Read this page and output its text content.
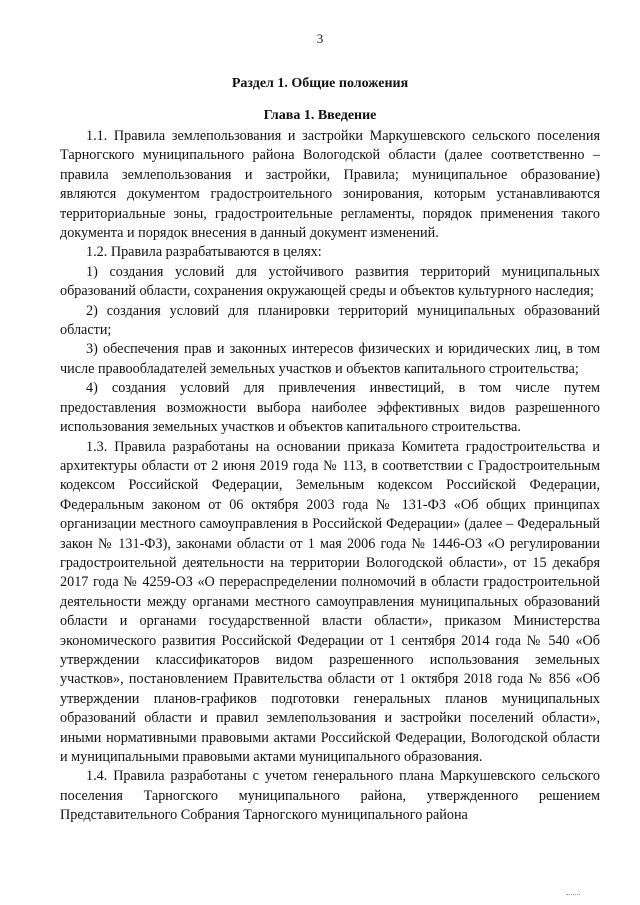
3
Раздел 1. Общие положения
Глава 1. Введение

1.1. Правила землепользования и застройки Маркушевского сельского поселения Тарногского муниципального района Вологодской области (далее соответственно – правила землепользования и застройки, Правила; муниципальное образование) являются документом градостроительного зонирования, которым устанавливаются территориальные зоны, градостроительные регламенты, порядок применения такого документа и порядок внесения в данный документ изменений.

1.2. Правила разрабатываются в целях:

1) создания условий для устойчивого развития территорий муниципальных образований области, сохранения окружающей среды и объектов культурного наследия;

2) создания условий для планировки территорий муниципальных образований области;

3) обеспечения прав и законных интересов физических и юридических лиц, в том числе правообладателей земельных участков и объектов капитального строительства;

4) создания условий для привлечения инвестиций, в том числе путем предоставления возможности выбора наиболее эффективных видов разрешенного использования земельных участков и объектов капитального строительства.

1.3. Правила разработаны на основании приказа Комитета градостроительства и архитектуры области от 2 июня 2019 года № 113, в соответствии с Градостроительным кодексом Российской Федерации, Земельным кодексом Российской Федерации, Федеральным законом от 06 октября 2003 года № 131-ФЗ «Об общих принципах организации местного самоуправления в Российской Федерации» (далее – Федеральный закон № 131-ФЗ), законами области от 1 мая 2006 года № 1446-ОЗ «О регулировании градостроительной деятельности на территории Вологодской области», от 15 декабря 2017 года № 4259-ОЗ «О перераспределении полномочий в области градостроительной деятельности между органами местного самоуправления муниципальных образований области и органами государственной власти области», приказом Министерства экономического развития Российской Федерации от 1 сентября 2014 года № 540 «Об утверждении классификаторов видом разрешенного использования земельных участков», постановлением Правительства области от 1 октября 2018 года № 856 «Об утверждении планов-графиков подготовки генеральных планов муниципальных образований области и правил землепользования и застройки поселений области», иными нормативными правовыми актами Российской Федерации, Вологодской области и муниципальными правовыми актами муниципального образования.

1.4. Правила разработаны с учетом генерального плана Маркушевского сельского поселения Тарногского муниципального района, утвержденного решением Представительного Собрания Тарногского муниципального района
